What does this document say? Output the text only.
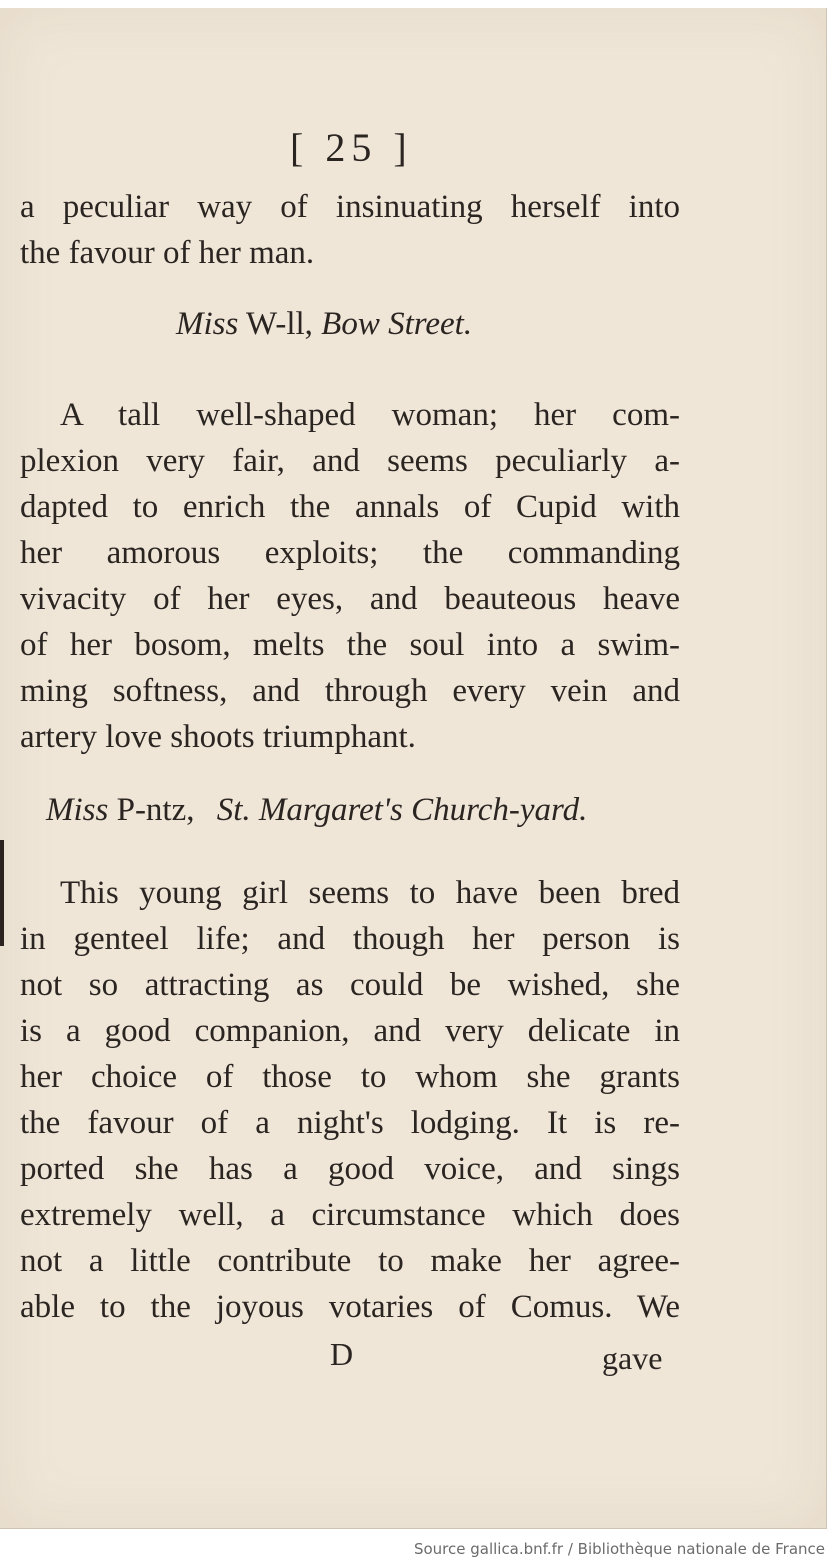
[ 25 ]
a peculiar way of insinuating herself into
the favour of her man.
Miss W-ll, Bow Street.
A tall well-shaped woman; her com-
plexion very fair, and seems peculiarly a-
dapted to enrich the annals of Cupid with
her amorous exploits; the commanding
vivacity of her eyes, and beauteous heave
of her bosom, melts the soul into a swim-
ming softness, and through every vein and
artery love shoots triumphant.
Miss P-ntz, St. Margaret's Church-yard.
This young girl seems to have been bred
in genteel life; and though her person is
not so attracting as could be wished, she
is a good companion, and very delicate in
her choice of those to whom she grants
the favour of a night's lodging. It is re-
ported she has a good voice, and sings
extremely well, a circumstance which does
not a little contribute to make her agree-
able to the joyous votaries of Comus. We
D	gave
Source gallica.bnf.fr / Bibliothèque nationale de France
